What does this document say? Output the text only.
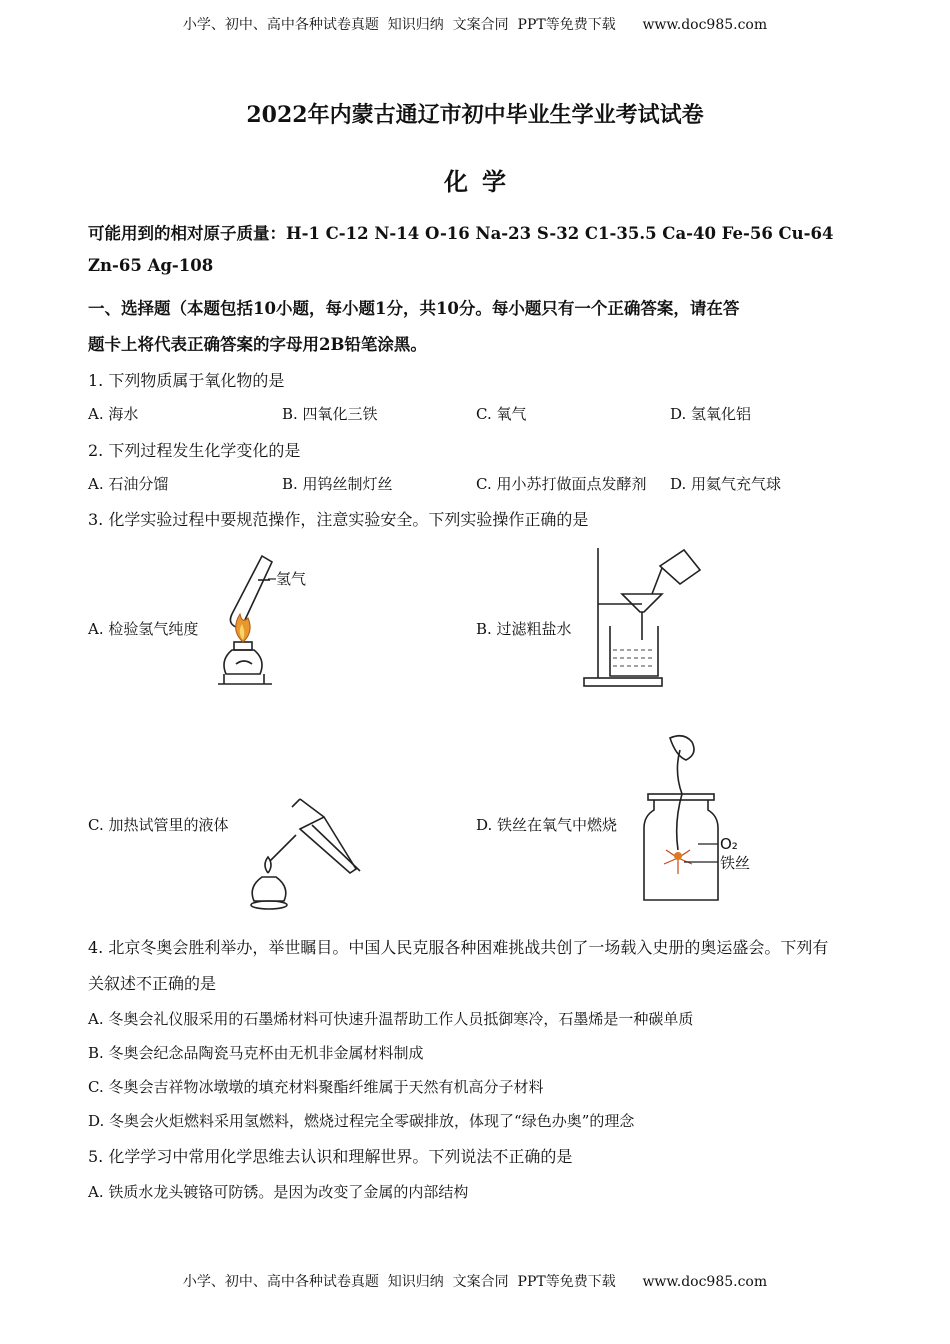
小学、初中、高中各种试卷真题  知识归纳  文案合同  PPT等免费下载 www.doc985.com
2022年内蒙古通辽市初中毕业生学业考试试卷
化学
可能用到的相对原子质量：H-1 C-12 N-14 O-16 Na-23 S-32 C1-35.5 Ca-40 Fe-56 Cu-64
Zn-65 Ag-108
一、选择题（本题包括10小题，每小题1分，共10分。每小题只有一个正确答案，请在答
题卡上将代表正确答案的字母用2B铅笔涂黑。
1. 下列物质属于氧化物的是
A. 海水	B. 四氧化三铁	C. 氧气	D. 氢氧化铝
2. 下列过程发生化学变化的是
A. 石油分馏	B. 用钨丝制灯丝	C. 用小苏打做面点发酵剂 D. 用氦气充气球
3. 化学实验过程中要规范操作，注意实验安全。下列实验操作正确的是
A. 检验氢气纯度	B. 过滤粗盐水
C. 加热试管里的液体	D. 铁丝在氧气中燃烧
氢气
O₂
铁丝
4. 北京冬奥会胜利举办，举世瞩目。中国人民克服各种困难挑战共创了一场载入史册的奥运盛会。下列有
关叙述不正确的是
A. 冬奥会礼仪服采用的石墨烯材料可快速升温帮助工作人员抵御寒冷，石墨烯是一种碳单质
B. 冬奥会纪念品陶瓷马克杯由无机非金属材料制成
C. 冬奥会吉祥物冰墩墩的填充材料聚酯纤维属于天然有机高分子材料
D. 冬奥会火炬燃料采用氢燃料，燃烧过程完全零碳排放，体现了“绿色办奥”的理念
5. 化学学习中常用化学思维去认识和理解世界。下列说法不正确的是
A. 铁质水龙头镀铬可防锈。是因为改变了金属的内部结构
小学、初中、高中各种试卷真题  知识归纳  文案合同  PPT等免费下载 www.doc985.com
